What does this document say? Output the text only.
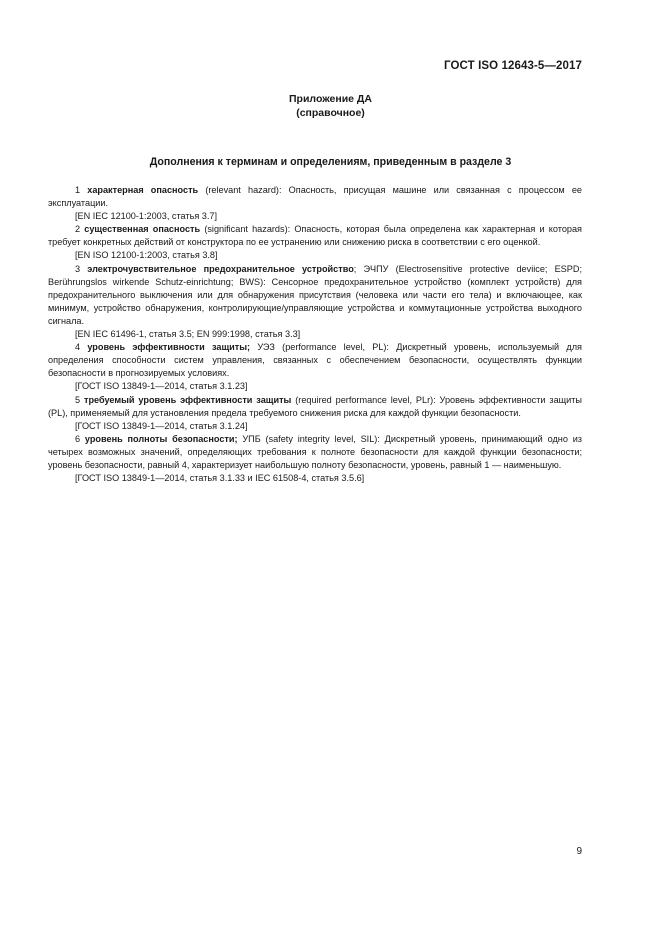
ГОСТ ISO 12643-5—2017
Приложение ДА
(справочное)
Дополнения к терминам и определениям, приведенным в разделе 3

1 характерная опасность (relevant hazard): Опасность, присущая машине или связанная с процессом ее эксплуатации.

[EN IEC 12100-1:2003, статья 3.7]

2 существенная опасность (significant hazards): Опасность, которая была определена как характерная и которая требует конкретных действий от конструктора по ее устранению или снижению риска в соответствии с его оценкой.

[EN ISO 12100-1:2003, статья 3.8]

3 электрочувствительное предохранительное устройство; ЭЧПУ (Electrosensitive protective deviice; ESPD; Berührungslos wirkende Schutz-einrichtung; BWS): Сенсорное предохранительное устройство (комплект устройств) для предохранительного выключения или для обнаружения присутствия (человека или части его тела) и включающее, как минимум, устройство обнаружения, контролирующие/управляющие устройства и коммутационные устройства выходного сигнала.

[EN IEC 61496-1, статья 3.5; EN 999:1998, статья 3.3]

4 уровень эффективности защиты; УЭЗ (performance level, PL): Дискретный уровень, используемый для определения способности систем управления, связанных с обеспечением безопасности, осуществлять функции безопасности в прогнозируемых условиях.

[ГОСТ ISO 13849-1—2014, статья 3.1.23]

5 требуемый уровень эффективности защиты (required performance level, PLr): Уровень эффективности защиты (PL), применяемый для установления предела требуемого снижения риска для каждой функции безопасности.

[ГОСТ ISO 13849-1—2014, статья 3.1.24]

6 уровень полноты безопасности; УПБ (safety integrity level, SIL): Дискретный уровень, принимающий одно из четырех возможных значений, определяющих требования к полноте безопасности для каждой функции безопасности; уровень безопасности, равный 4, характеризует наибольшую полноту безопасности, уровень, равный 1 — наименьшую.

[ГОСТ ISO 13849-1—2014, статья 3.1.33 и IEC 61508-4, статья 3.5.6]

9
